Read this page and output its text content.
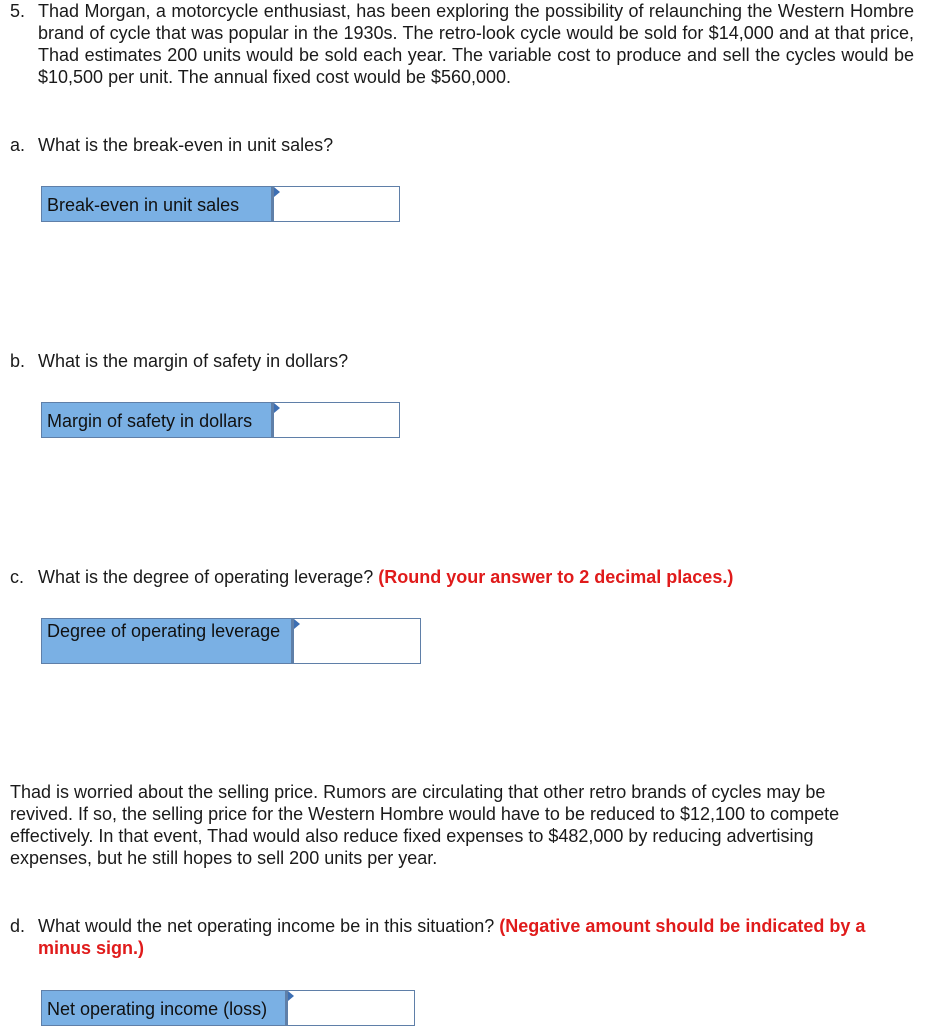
5. Thad Morgan, a motorcycle enthusiast, has been exploring the possibility of relaunching the Western Hombre brand of cycle that was popular in the 1930s. The retro-look cycle would be sold for $14,000 and at that price, Thad estimates 200 units would be sold each year. The variable cost to produce and sell the cycles would be $10,500 per unit. The annual fixed cost would be $560,000.
a. What is the break-even in unit sales?
Break-even in unit sales
b. What is the margin of safety in dollars?
Margin of safety in dollars
c. What is the degree of operating leverage? (Round your answer to 2 decimal places.)
Degree of operating leverage
Thad is worried about the selling price. Rumors are circulating that other retro brands of cycles may be revived. If so, the selling price for the Western Hombre would have to be reduced to $12,100 to compete effectively. In that event, Thad would also reduce fixed expenses to $482,000 by reducing advertising expenses, but he still hopes to sell 200 units per year.
d. What would the net operating income be in this situation? (Negative amount should be indicated by a minus sign.)
Net operating income (loss)
